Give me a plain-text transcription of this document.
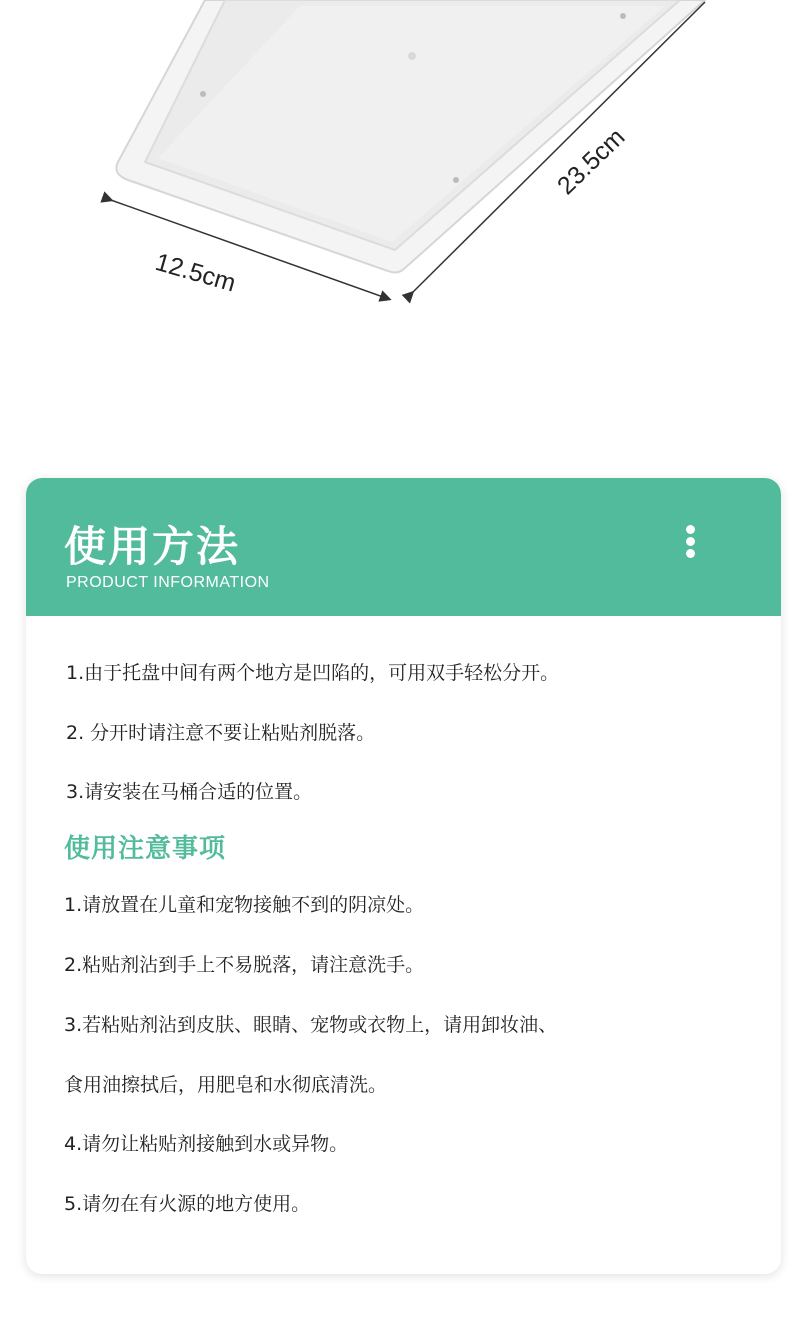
12.5cm
23.5cm
使用方法
PRODUCT INFORMATION
1.由于托盘中间有两个地方是凹陷的，可用双手轻松分开。
2. 分开时请注意不要让粘贴剂脱落。
3.请安装在马桶合适的位置。
使用注意事项
1.请放置在儿童和宠物接触不到的阴凉处。
2.粘贴剂沾到手上不易脱落，请注意洗手。
3.若粘贴剂沾到皮肤、眼睛、宠物或衣物上，请用卸妆油、
食用油擦拭后，用肥皂和水彻底清洗。
4.请勿让粘贴剂接触到水或异物。
5.请勿在有火源的地方使用。
